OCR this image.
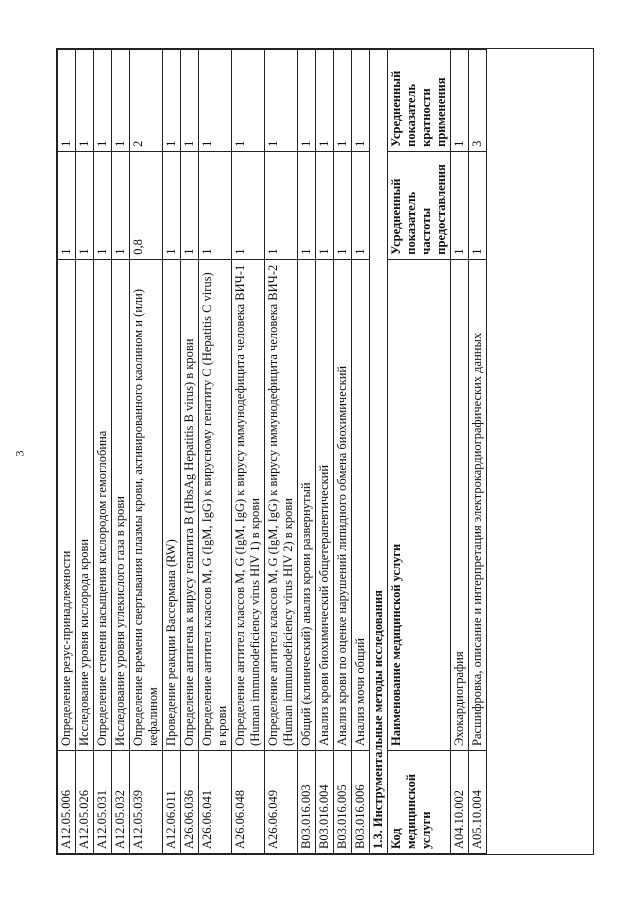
3
A12.05.006	Определение резус-принадлежности	1	1
A12.05.026	Исследование уровня кислорода крови	1	1
A12.05.031	Определение степени насыщения кислородом гемоглобина	1	1
A12.05.032	Исследование уровня углекислого газа в крови	1	1
A12.05.039	Определение времени свертывания плазмы крови, активированного каолином и (или) кефалином	0,8	2
A12.06.011	Проведение реакции Вассермана (RW)	1	1
A26.06.036	Определение антигена к вирусу гепатита B (HbsAg Hepatitis B virus) в крови	1	1
A26.06.041	Определение антител классов M, G (IgM, IgG) к вирусному гепатиту C (Hepatitis C virus) в крови	1	1
A26.06.048	Определение антител классов M, G (IgM, IgG) к вирусу иммунодефицита человека ВИЧ-1 (Human immunodeficiency virus HIV 1) в крови	1	1
A26.06.049	Определение антител классов M, G (IgM, IgG) к вирусу иммунодефицита человека ВИЧ-2 (Human immunodeficiency virus HIV 2) в крови	1	1
B03.016.003	Общий (клинический) анализ крови развернутый	1	1
B03.016.004	Анализ крови биохимический общетерапевтический	1	1
B03.016.005	Анализ крови по оценке нарушений липидного обмена биохимический	1	1
B03.016.006	Анализ мочи общий	1	1
1.3. Инструментальные методы исследования			
Код медицинской услуги	Наименование медицинской услуги	Усредненный показатель частоты предоставления	Усредненный показатель кратности применения
A04.10.002	Эхокардиография	1	1
A05.10.004	Расшифровка, описание и интерпретация электрокардиографических данных	1	3
